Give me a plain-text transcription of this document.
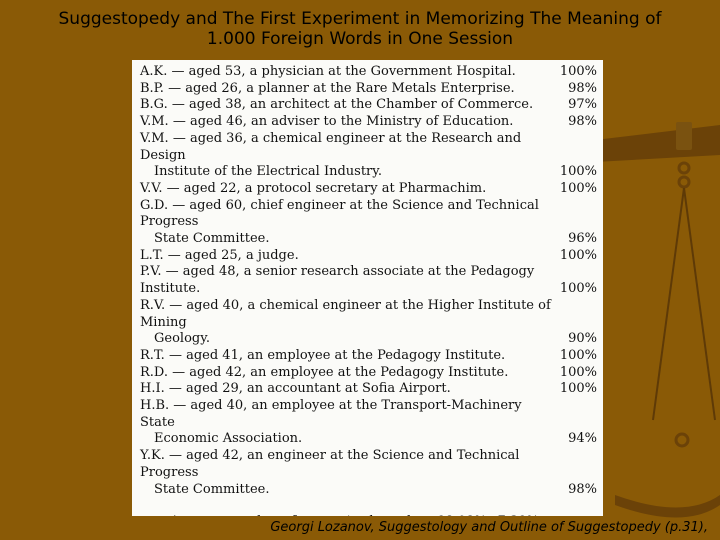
Suggestopedy and The First Experiment in Memorizing The Meaning of
1.000 Foreign Words in One Session
A.K. — aged 53, a physician at the Government Hospital.	100%
B.P. — aged 26, a planner at the Rare Metals Enterprise.	98%
B.G. — aged 38, an architect at the Chamber of Commerce.	97%
V.M. — aged 46, an adviser to the Ministry of Education.	98%
V.M. — aged 36, a chemical engineer at the Research and Design
Institute of the Electrical Industry.	100%
V.V. — aged 22, a protocol secretary at Pharmachim.	100%
G.D. — aged 60, chief engineer at the Science and Technical Progress
State Committee.	96%
L.T. — aged 25, a judge.	100%
P.V. — aged 48, a senior research associate at the Pedagogy Institute.	100%
R.V. — aged 40, a chemical engineer at the Higher Institute of Mining
Geology.	90%
R.T. — aged 41, an employee at the Pedagogy Institute.	100%
R.D. — aged 42, an employee at the Pedagogy Institute.	100%
H.I. — aged 29, an accountant at Sofia Airport.	100%
H.B. — aged 40, an employee at the Transport-Machinery State
Economic Association.	94%
Y.K. — aged 42, an engineer at the Science and Technical Progress
State Committee.	98%
Georgi Lozanov, Suggestology and Outline of Suggestopedy (p.31),
